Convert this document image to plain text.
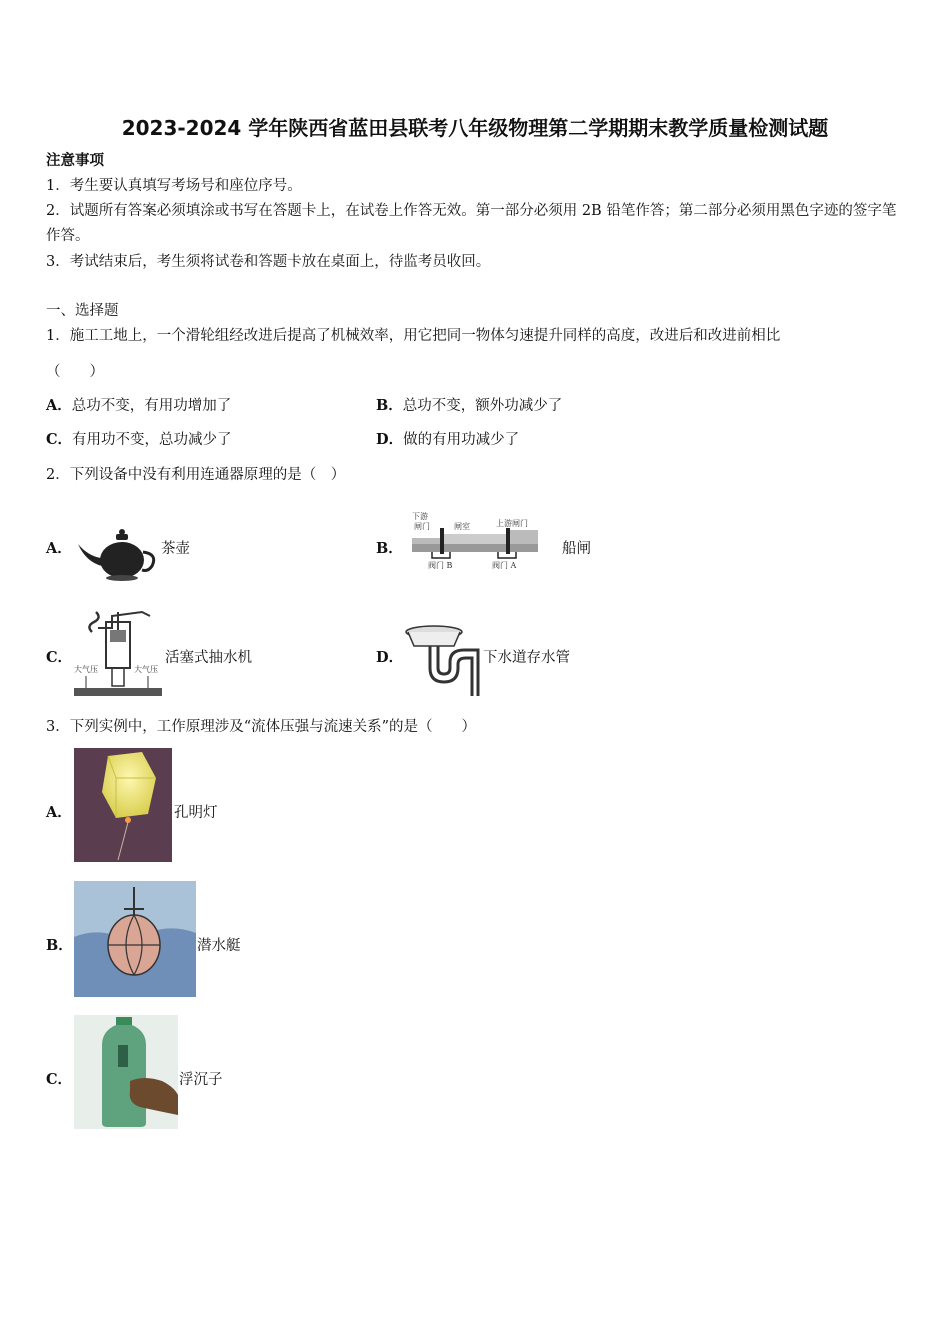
2023-2024 学年陕西省蓝田县联考八年级物理第二学期期末教学质量检测试题
注意事项
1．考生要认真填写考场号和座位序号。
2．试题所有答案必须填涂或书写在答题卡上，在试卷上作答无效。第一部分必须用 2B 铅笔作答；第二部分必须用黑色字迹的签字笔作答。
3．考试结束后，考生须将试卷和答题卡放在桌面上，待监考员收回。
一、选择题
1．施工工地上，一个滑轮组经改进后提高了机械效率，用它把同一物体匀速提升同样的高度，改进后和改进前相比
（　　）
A．总功不变，有用功增加了	B．总功不变，额外功减少了
C．有用功不变，总功减少了	D．做的有用功减少了
2．下列设备中没有利用连通器原理的是（　）
A．	茶壶	B．
下游
闸门	闸室	上游闸门
阀门 B	阀门 A
船闸
C．
大气压	大气压
活塞式抽水机	D．	下水道存水管
3．下列实例中，工作原理涉及“流体压强与流速关系”的是（　　）
A．	孔明灯
B．	潜水艇
C．	浮沉子
